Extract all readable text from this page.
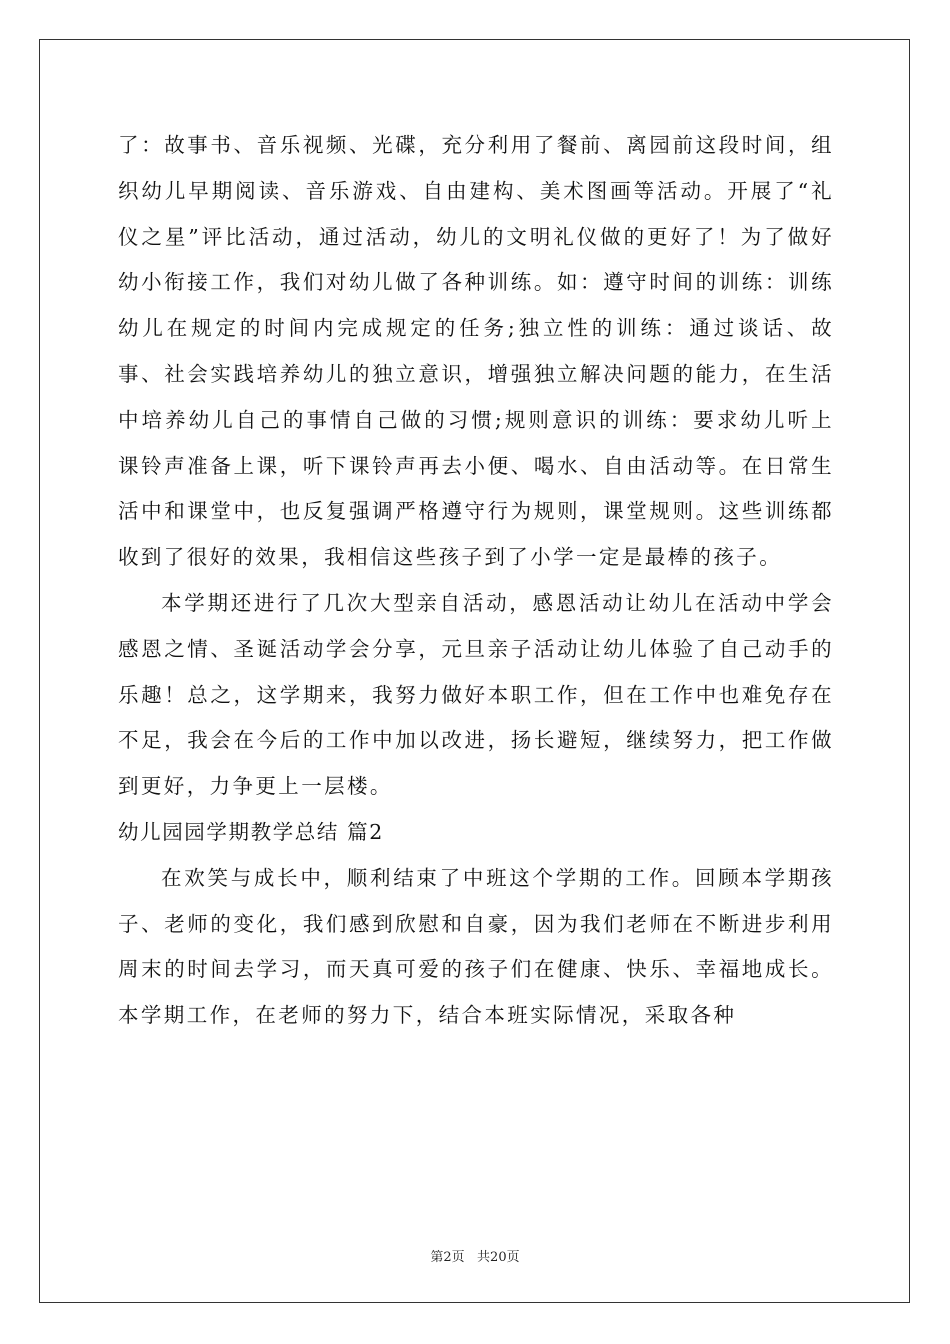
了：故事书、音乐视频、光碟，充分利用了餐前、离园前这段时间，组织幼儿早期阅读、音乐游戏、自由建构、美术图画等活动。开展了“礼仪之星”评比活动，通过活动，幼儿的文明礼仪做的更好了！为了做好幼小衔接工作，我们对幼儿做了各种训练。如：遵守时间的训练：训练幼儿在规定的时间内完成规定的任务;独立性的训练：通过谈话、故事、社会实践培养幼儿的独立意识，增强独立解决问题的能力，在生活中培养幼儿自己的事情自己做的习惯;规则意识的训练：要求幼儿听上课铃声准备上课，听下课铃声再去小便、喝水、自由活动等。在日常生活中和课堂中，也反复强调严格遵守行为规则，课堂规则。这些训练都收到了很好的效果，我相信这些孩子到了小学一定是最棒的孩子。

本学期还进行了几次大型亲自活动，感恩活动让幼儿在活动中学会感恩之情、圣诞活动学会分享，元旦亲子活动让幼儿体验了自己动手的乐趣！总之，这学期来，我努力做好本职工作，但在工作中也难免存在不足，我会在今后的工作中加以改进，扬长避短，继续努力，把工作做到更好，力争更上一层楼。

幼儿园园学期教学总结 篇2

在欢笑与成长中，顺利结束了中班这个学期的工作。回顾本学期孩子、老师的变化，我们感到欣慰和自豪，因为我们老师在不断进步利用周末的时间去学习，而天真可爱的孩子们在健康、快乐、幸福地成长。本学期工作，在老师的努力下，结合本班实际情况，采取各种

第2页   共20页
